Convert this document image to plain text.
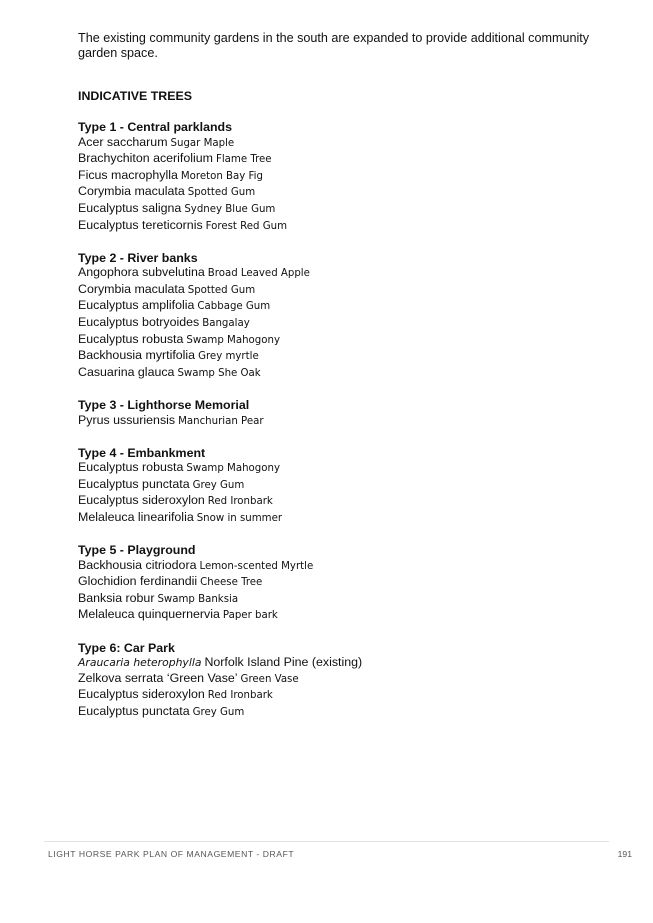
The existing community gardens in the south are expanded to provide additional community garden space.

INDICATIVE TREES
Type 1 - Central parklands
Acer saccharum Sugar Maple
Brachychiton acerifolium Flame Tree
Ficus macrophylla Moreton Bay Fig
Corymbia maculata Spotted Gum
Eucalyptus saligna Sydney Blue Gum
Eucalyptus tereticornis Forest Red Gum
Type 2 - River banks
Angophora subvelutina Broad Leaved Apple
Corymbia maculata Spotted Gum
Eucalyptus amplifolia Cabbage Gum
Eucalyptus botryoides Bangalay
Eucalyptus robusta Swamp Mahogony
Backhousia myrtifolia Grey myrtle
Casuarina glauca Swamp She Oak
Type 3 - Lighthorse Memorial
Pyrus ussuriensis Manchurian Pear
Type 4 - Embankment
Eucalyptus robusta Swamp Mahogony
Eucalyptus punctata Grey Gum
Eucalyptus sideroxylon Red Ironbark
Melaleuca linearifolia Snow in summer
Type 5 - Playground
Backhousia citriodora Lemon-scented Myrtle
Glochidion ferdinandii Cheese Tree
Banksia robur Swamp Banksia
Melaleuca quinquernervia Paper bark
Type 6: Car Park
Araucaria heterophylla Norfolk Island Pine (existing)
Zelkova serrata ‘Green Vase’ Green Vase
Eucalyptus sideroxylon Red Ironbark
Eucalyptus punctata Grey Gum
LIGHT HORSE PARK PLAN OF MANAGEMENT - DRAFT	191
